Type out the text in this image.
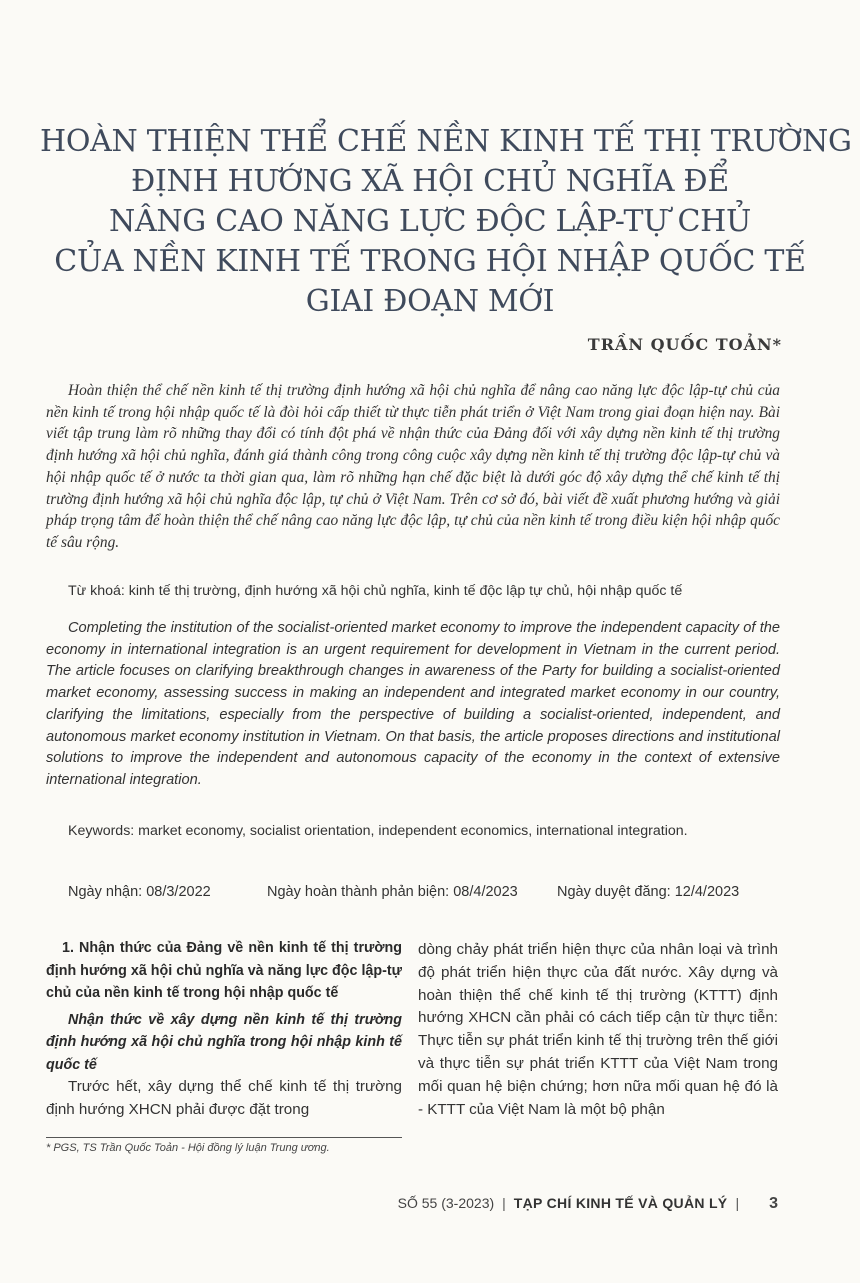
HOÀN THIỆN THỂ CHẾ NỀN KINH TẾ THỊ TRƯỜNG
ĐỊNH HƯỚNG XÃ HỘI CHỦ NGHĨA ĐỂ
NÂNG CAO NĂNG LỰC ĐỘC LẬP-TỰ CHỦ
CỦA NỀN KINH TẾ TRONG HỘI NHẬP QUỐC TẾ
GIAI ĐOẠN MỚI
TRẦN QUỐC TOẢN*
Hoàn thiện thể chế nền kinh tế thị trường định hướng xã hội chủ nghĩa để nâng cao năng lực độc lập-tự chủ của nền kinh tế trong hội nhập quốc tế là đòi hỏi cấp thiết từ thực tiễn phát triển ở Việt Nam trong giai đoạn hiện nay. Bài viết tập trung làm rõ những thay đổi có tính đột phá về nhận thức của Đảng đối với xây dựng nền kinh tế thị trường định hướng xã hội chủ nghĩa, đánh giá thành công trong công cuộc xây dựng nền kinh tế thị trường độc lập-tự chủ và hội nhập quốc tế ở nước ta thời gian qua, làm rõ những hạn chế đặc biệt là dưới góc độ xây dựng thể chế kinh tế thị trường định hướng xã hội chủ nghĩa độc lập, tự chủ ở Việt Nam. Trên cơ sở đó, bài viết đề xuất phương hướng và giải pháp trọng tâm để hoàn thiện thể chế nâng cao năng lực độc lập, tự chủ của nền kinh tế trong điều kiện hội nhập quốc tế sâu rộng.
Từ khoá: kinh tế thị trường, định hướng xã hội chủ nghĩa, kinh tế độc lập tự chủ, hội nhập quốc tế
Completing the institution of the socialist-oriented market economy to improve the independent capacity of the economy in international integration is an urgent requirement for development in Vietnam in the current period. The article focuses on clarifying breakthrough changes in awareness of the Party for building a socialist-oriented market economy, assessing success in making an independent and integrated market economy in our country, clarifying the limitations, especially from the perspective of building a socialist-oriented, independent, and autonomous market economy institution in Vietnam. On that basis, the article proposes directions and institutional solutions to improve the independent and autonomous capacity of the economy in the context of extensive international integration.
Keywords: market economy, socialist orientation, independent economics, international integration.
Ngày nhận: 08/3/2022	Ngày hoàn thành phản biện: 08/4/2023	Ngày duyệt đăng: 12/4/2023
1. Nhận thức của Đảng về nền kinh tế thị trường định hướng xã hội chủ nghĩa và năng lực độc lập-tự chủ của nền kinh tế trong hội nhập quốc tế
Nhận thức về xây dựng nền kinh tế thị trường định hướng xã hội chủ nghĩa trong hội nhập kinh tế quốc tế
Trước hết, xây dựng thể chế kinh tế thị trường định hướng XHCN phải được đặt trong
dòng chảy phát triển hiện thực của nhân loại và trình độ phát triển hiện thực của đất nước. Xây dựng và hoàn thiện thể chế kinh tế thị trường (KTTT) định hướng XHCN cần phải có cách tiếp cận từ thực tiễn: Thực tiễn sự phát triển kinh tế thị trường trên thế giới và thực tiễn sự phát triển KTTT của Việt Nam trong mối quan hệ biện chứng; hơn nữa mối quan hệ đó là - KTTT của Việt Nam là một bộ phận
* PGS, TS Trần Quốc Toản - Hội đồng lý luận Trung ương.
SỐ 55 (3-2023) | TẠP CHÍ KINH TẾ VÀ QUẢN LÝ | 3
